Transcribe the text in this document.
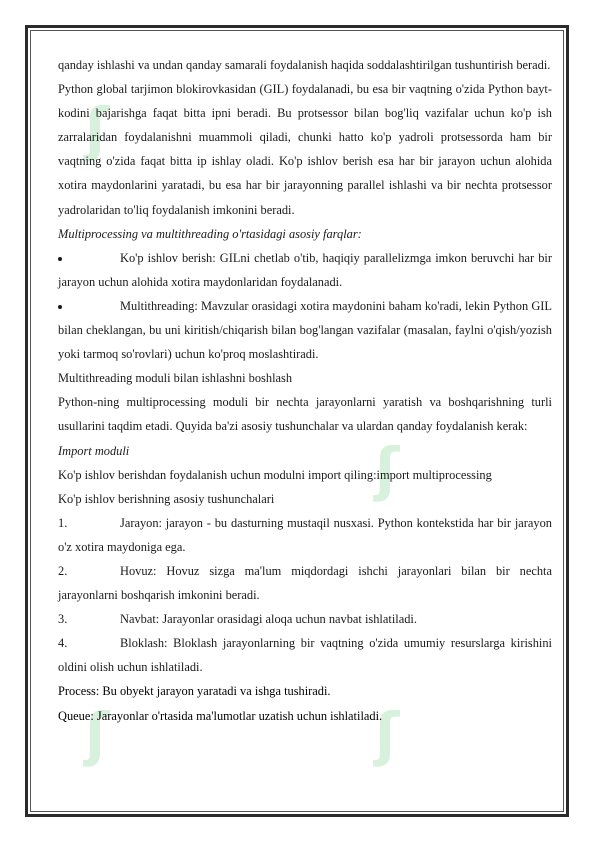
ʃ
ʃ
ʃ	ʃ

qanday ishlashi va undan qanday samarali foydalanish haqida soddalashtirilgan tushuntirish beradi.

Python global tarjimon blokirovkasidan (GIL) foydalanadi, bu esa bir vaqtning o'zida Python bayt-kodini bajarishga faqat bitta ipni beradi. Bu protsessor bilan bog'liq vazifalar uchun ko'p ish zarralaridan foydalanishni muammoli qiladi, chunki hatto ko'p yadroli protsessorda ham bir vaqtning o'zida faqat bitta ip ishlay oladi. Ko'p ishlov berish esa har bir jarayon uchun alohida xotira maydonlarini yaratadi, bu esa har bir jarayonning parallel ishlashi va bir nechta protsessor yadrolaridan to'liq foydalanish imkonini beradi.

Multiprocessing va multithreading o'rtasidagi asosiy farqlar:

Ko'p ishlov berish: GILni chetlab o'tib, haqiqiy parallelizmga imkon beruvchi har bir jarayon uchun alohida xotira maydonlaridan foydalanadi.

Multithreading: Mavzular orasidagi xotira maydonini baham ko'radi, lekin Python GIL bilan cheklangan, bu uni kiritish/chiqarish bilan bog'langan vazifalar (masalan, faylni o'qish/yozish yoki tarmoq so'rovlari) uchun ko'proq moslashtiradi.

Multithreading moduli bilan ishlashni boshlash

Python-ning multiprocessing moduli bir nechta jarayonlarni yaratish va boshqarishning turli usullarini taqdim etadi. Quyida ba'zi asosiy tushunchalar va ulardan qanday foydalanish kerak:

Import moduli

Ko'p ishlov berishdan foydalanish uchun modulni import qiling:import multiprocessing

Ko'p ishlov berishning asosiy tushunchalari

1.	Jarayon: jarayon - bu dasturning mustaqil nusxasi. Python kontekstida har bir jarayon o'z xotira maydoniga ega.

2.	Hovuz: Hovuz sizga ma'lum miqdordagi ishchi jarayonlari bilan bir nechta jarayonlarni boshqarish imkonini beradi.

3.	Navbat: Jarayonlar orasidagi aloqa uchun navbat ishlatiladi.

4.	Bloklash: Bloklash jarayonlarning bir vaqtning o'zida umumiy resurslarga kirishini oldini olish uchun ishlatiladi.

Process: Bu obyekt jarayon yaratadi va ishga tushiradi.

Queue: Jarayonlar o'rtasida ma'lumotlar uzatish uchun ishlatiladi.
